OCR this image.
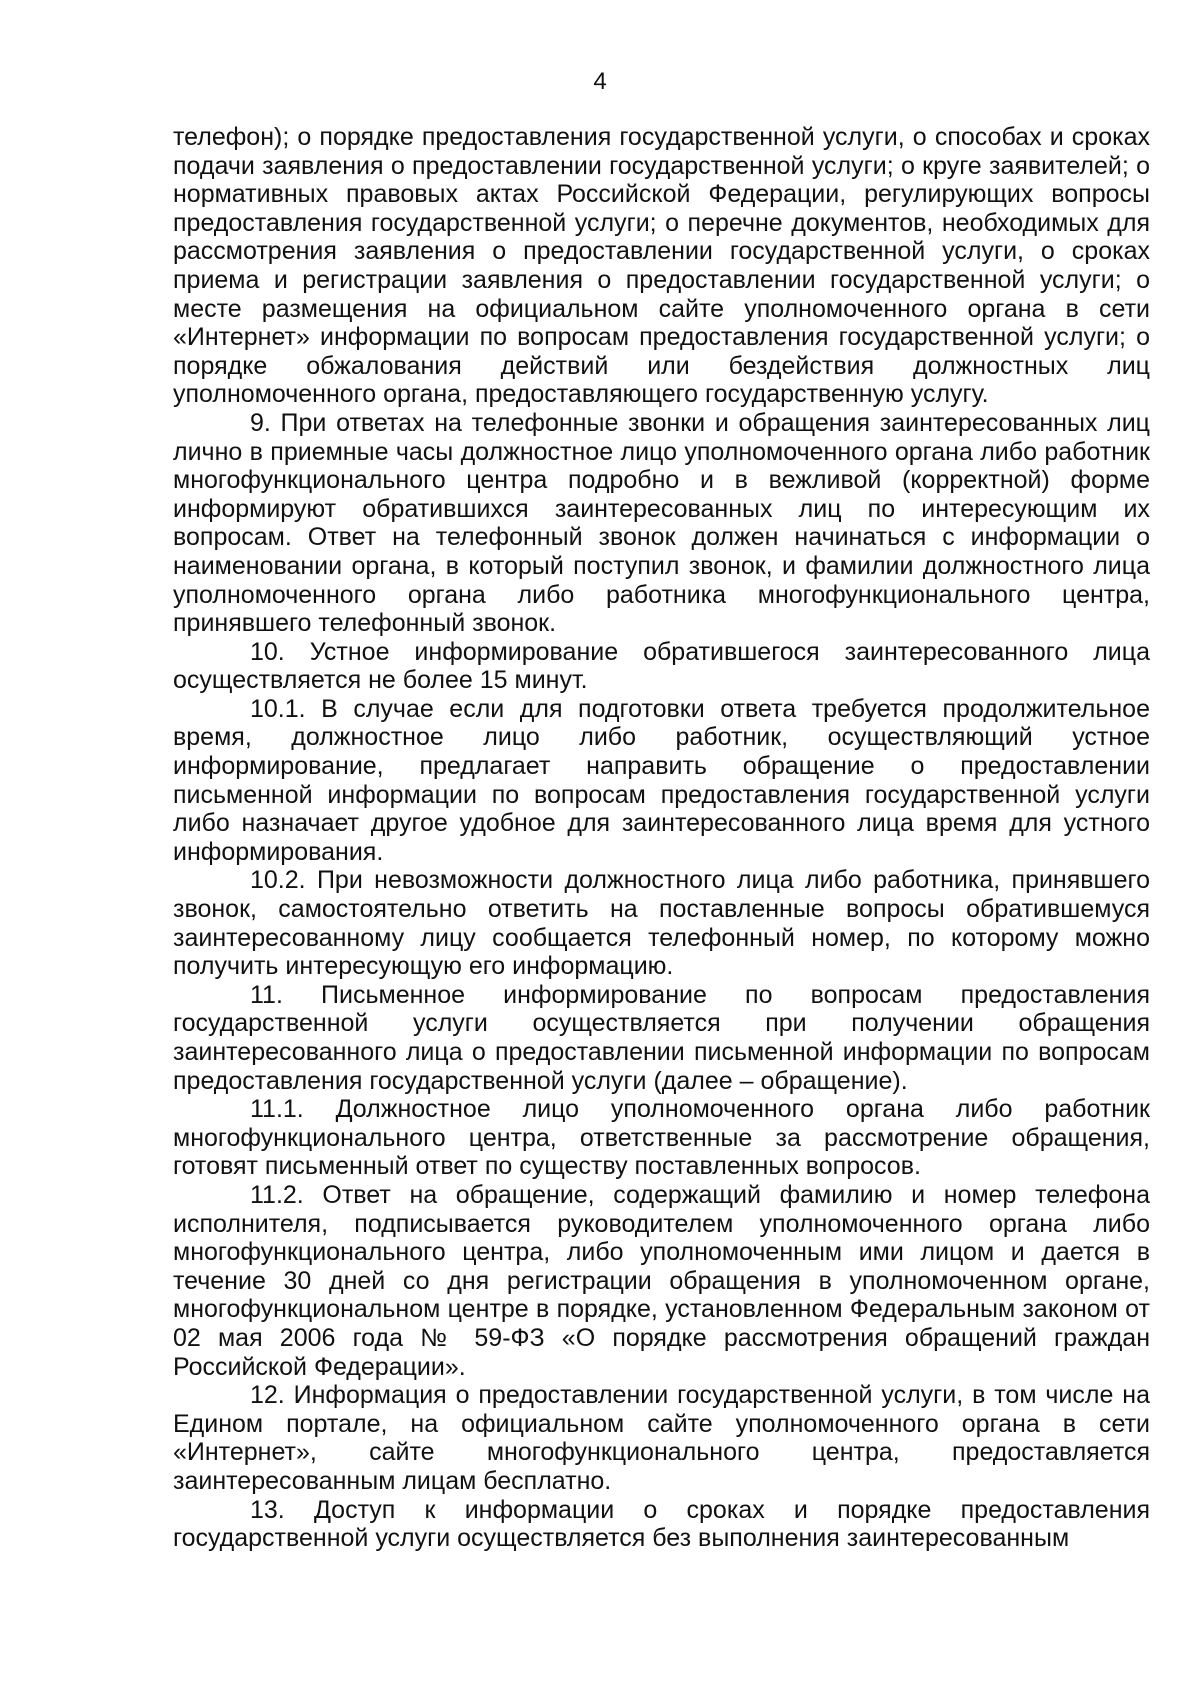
4

телефон); о порядке предоставления государственной услуги, о способах и сроках подачи заявления о предоставлении государственной услуги; о круге заявителей; о нормативных правовых актах Российской Федерации, регулирующих вопросы предоставления государственной услуги; о перечне документов, необходимых для рассмотрения заявления о предоставлении государственной услуги, о сроках приема и регистрации заявления о предоставлении государственной услуги; о месте размещения на официальном сайте уполномоченного органа в сети «Интернет» информации по вопросам предоставления государственной услуги; о порядке обжалования действий или бездействия должностных лиц уполномоченного органа, предоставляющего государственную услугу.

9. При ответах на телефонные звонки и обращения заинтересованных лиц лично в приемные часы должностное лицо уполномоченного органа либо работник многофункционального центра подробно и в вежливой (корректной) форме информируют обратившихся заинтересованных лиц по интересующим их вопросам. Ответ на телефонный звонок должен начинаться с информации о наименовании органа, в который поступил звонок, и фамилии должностного лица уполномоченного органа либо работника многофункционального центра, принявшего телефонный звонок.

10. Устное информирование обратившегося заинтересованного лица осуществляется не более 15 минут.

10.1. В случае если для подготовки ответа требуется продолжительное время, должностное лицо либо работник, осуществляющий устное информирование, предлагает направить обращение о предоставлении письменной информации по вопросам предоставления государственной услуги либо назначает другое удобное для заинтересованного лица время для устного информирования.

10.2. При невозможности должностного лица либо работника, принявшего звонок, самостоятельно ответить на поставленные вопросы обратившемуся заинтересованному лицу сообщается телефонный номер, по которому можно получить интересующую его информацию.

11. Письменное информирование по вопросам предоставления государственной услуги осуществляется при получении обращения заинтересованного лица о предоставлении письменной информации по вопросам предоставления государственной услуги (далее – обращение).

11.1. Должностное лицо уполномоченного органа либо работник многофункционального центра, ответственные за рассмотрение обращения, готовят письменный ответ по существу поставленных вопросов.

11.2. Ответ на обращение, содержащий фамилию и номер телефона исполнителя, подписывается руководителем уполномоченного органа либо многофункционального центра, либо уполномоченным ими лицом и дается в течение 30 дней со дня регистрации обращения в уполномоченном органе, многофункциональном центре в порядке, установленном Федеральным законом от 02 мая 2006 года № 59-ФЗ «О порядке рассмотрения обращений граждан Российской Федерации».

12. Информация о предоставлении государственной услуги, в том числе на Едином портале, на официальном сайте уполномоченного органа в сети «Интернет», сайте многофункционального центра, предоставляется заинтересованным лицам бесплатно.

13. Доступ к информации о сроках и порядке предоставления государственной услуги осуществляется без выполнения заинтересованным
